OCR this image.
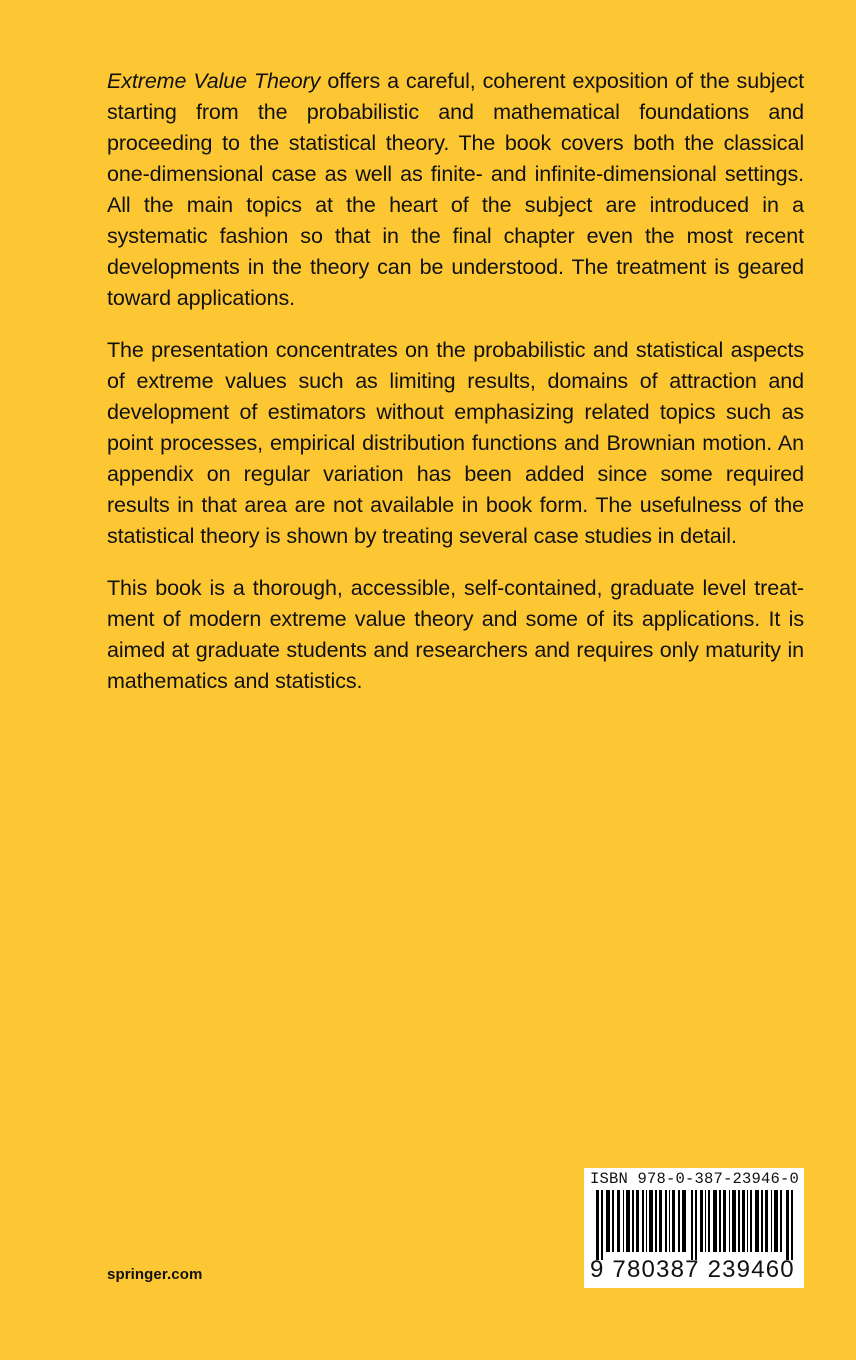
Extreme Value Theory offers a careful, coherent exposition of the subject starting from the probabilistic and mathematical foundations and proceeding to the statistical theory. The book covers both the classical one-dimensional case as well as finite- and infinite-dimensional settings. All the main topics at the heart of the subject are introduced in a systematic fashion so that in the final chapter even the most recent developments in the theory can be understood. The treatment is geared toward applications.

The presentation concentrates on the probabilistic and statistical aspects of extreme values such as limiting results, domains of attraction and development of estimators without emphasizing related topics such as point processes, empirical distribution functions and Brownian motion. An appendix on regular variation has been added since some required results in that area are not available in book form. The usefulness of the statistical theory is shown by treating several case studies in detail.

This book is a thorough, accessible, self-contained, graduate level treatment of modern extreme value theory and some of its applications. It is aimed at graduate students and researchers and requires only maturity in mathematics and statistics.

springer.com
ISBN 978-0-387-23946-0
9 780387 239460
